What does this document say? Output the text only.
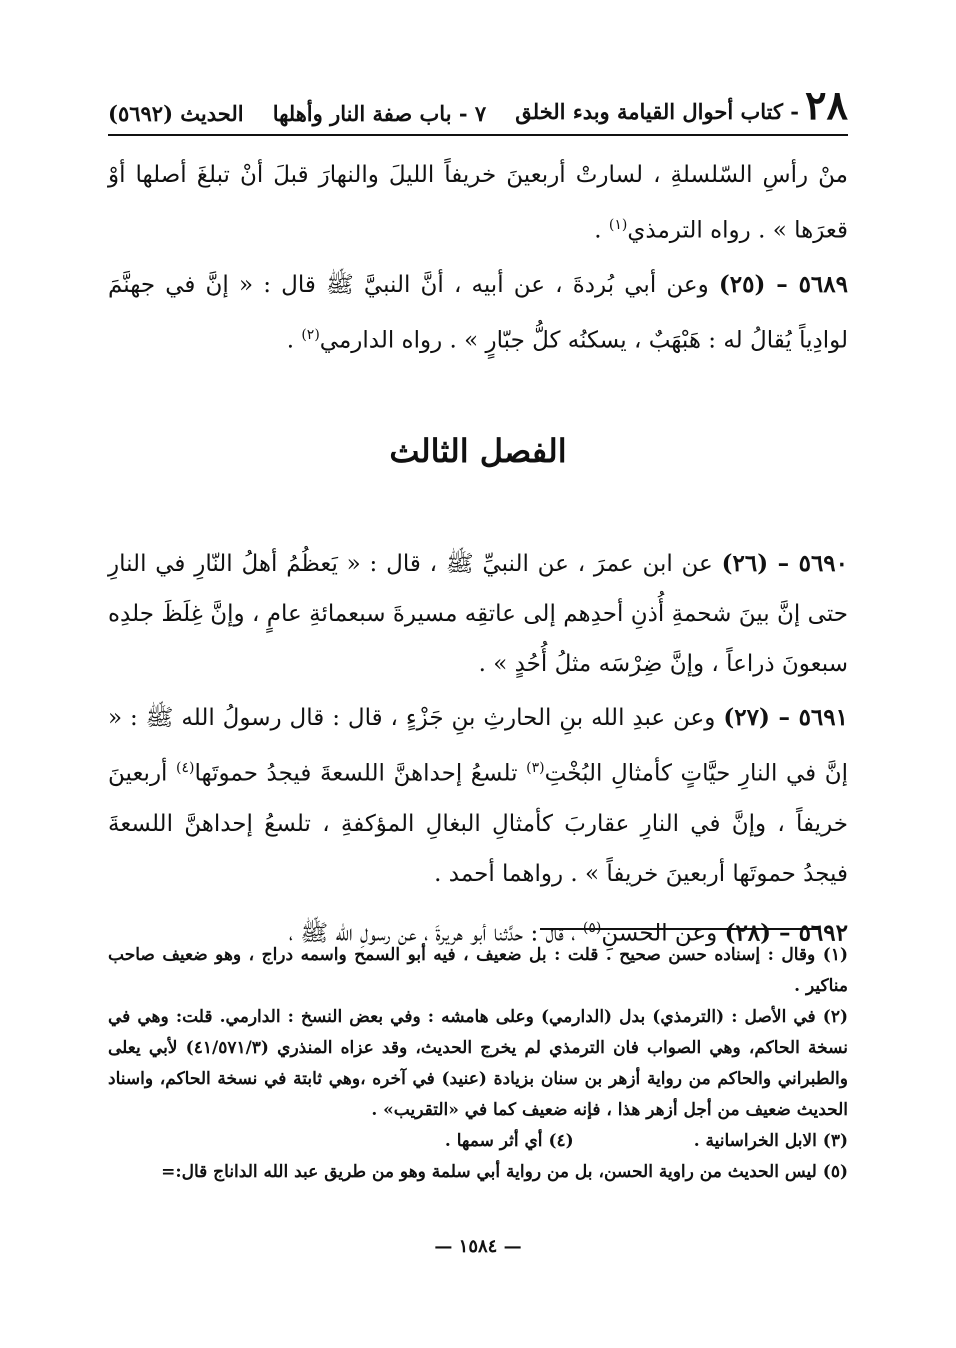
٢٨
- كتاب أحوال القيامة وبدء الخلق
٧ - باب صفة النار وأهلها
الحديث (٥٦٩٢)

منْ رأسِ السّلسلةِ ، لسارتْ أربعينَ خريفاً الليلَ والنهارَ قبلَ أنْ تبلغَ أصلها أوْ قعرَها » . رواه الترمذي$^{(١)}$ .

٥٦٨٩ – (٢٥) وعن أبي بُردةَ ، عن أبيه ، أنَّ النبيَّ ﷺ قال : « إنَّ في جهنَّمَ لوادِياً يُقالُ له : هَبْهَبٌ ، يسكنُه كلُّ جبّارٍ » . رواه الدارمي$^{(٢)}$ .

الفصل الثالث

٥٦٩٠ – (٢٦) عن ابن عمرَ ، عن النبيِّ ﷺ ، قال : « يَعظُمُ أهلُ النّارِ في النارِ حتى إنَّ بينَ شحمةِ أُذنِ أحدِهم إلى عاتقِه مسيرةَ سبعمائةِ عامٍ ، وإنَّ غِلَظَ جلدِه سبعونَ ذراعاً ، وإنَّ ضِرْسَه مثلُ أُحُدٍ » .

٥٦٩١ – (٢٧) وعن عبدِ الله بنِ الحارثِ بنِ جَزْءٍ ، قال : قال رسولُ الله ﷺ : « إنَّ في النارِ حيَّاتٍ كأمثالِ البُخْتِ$^{(٣)}$ تلسعُ إحداهنَّ اللسعةَ فيجدُ حموتَها$^{(٤)}$ أربعينَ خريفاً ، وإنَّ في النارِ عقاربَ كأمثالِ البغالِ المؤكفةِ ، تلسعُ إحداهنَّ اللسعةَ فيجدُ حموتَها أربعينَ خريفاً » . رواهما أحمد .

٥٦٩٢ – (٢٨) وعن الحسنِ$^{(٥)}$ ، قال : حدَّثنا أبو هريرةَ ، عن رسولِ الله ﷺ ،

(١) وقال : إسناده حسن صحيح . قلت : بل ضعيف ، فيه أبو السمح واسمه دراج ، وهو ضعيف صاحب مناكير .

(٢) في الأصل : (الترمذي) بدل (الدارمي) وعلى هامشه : وفي بعض النسخ : الدارمي. قلت: وهي في نسخة الحاكم، وهي الصواب فان الترمذي لم يخرج الحديث، وقد عزاه المنذري (٤١/٥٧١/٣) لأبي يعلى والطبراني والحاكم من رواية أزهر بن سنان بزيادة (عنيد) في آخره ،وهي ثابتة في نسخة الحاكم، واسناد الحديث ضعيف من أجل أزهر هذا ، فإنه ضعيف كما في «التقريب» .

(٣) الابل الخراسانية .
(٤) أي أثر سمها .

(٥) ليس الحديث من راوية الحسن، بل من رواية أبي سلمة وهو من طريق عبد الله الداناج قال:=

— ١٥٨٤ —
